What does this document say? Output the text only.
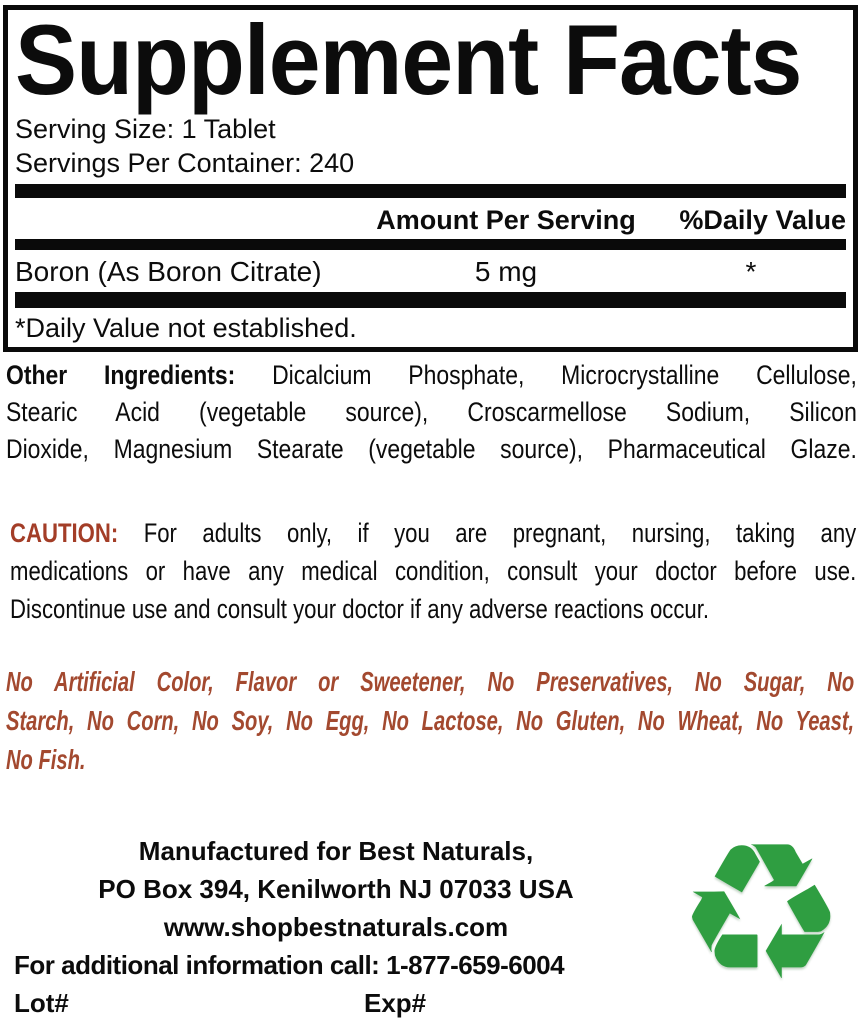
Supplement Facts
Serving Size: 1 Tablet
Servings Per Container: 240
Amount Per Serving	%Daily Value
Boron (As Boron Citrate)	5 mg	*
*Daily Value not established.
Other Ingredients: Dicalcium Phosphate, Microcrystalline Cellulose,
Stearic Acid (vegetable source), Croscarmellose Sodium, Silicon
Dioxide, Magnesium Stearate (vegetable source), Pharmaceutical Glaze.
CAUTION: For adults only, if you are pregnant, nursing, taking any
medications or have any medical condition, consult your doctor before use.
Discontinue use and consult your doctor if any adverse reactions occur.
No Artificial Color, Flavor or Sweetener, No Preservatives, No Sugar, No
Starch, No Corn, No Soy, No Egg, No Lactose, No Gluten, No Wheat, No Yeast,
No Fish.
Manufactured for Best Naturals,
PO Box 394, Kenilworth NJ 07033 USA
www.shopbestnaturals.com
For additional information call: 1-877-659-6004
Lot#	Exp# ♻
